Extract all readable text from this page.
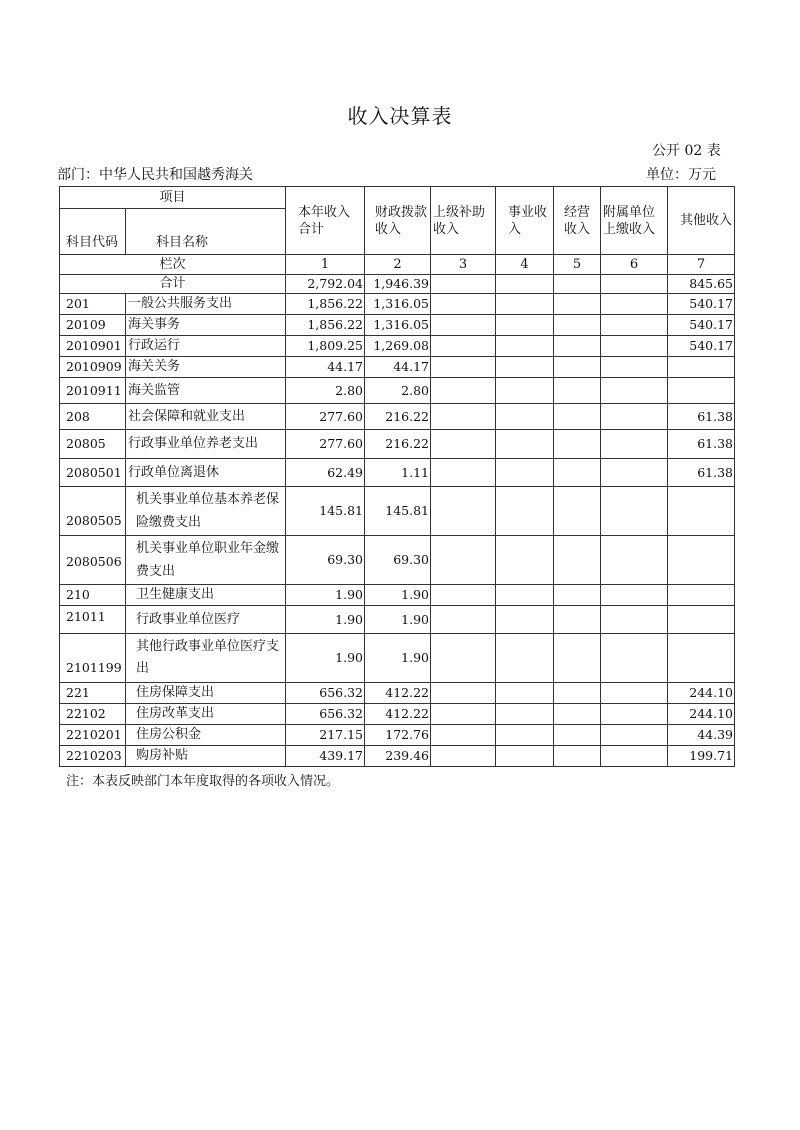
收入决算表
公开 02 表
部门：中华人民共和国越秀海关	单位：万元
项目		本年收入合计	财政拨款收入	上级补助收入	事业收入	经营收入	附属单位上缴收入	其他收入
科目代码	科目名称							
栏次		1	2	3	4	5	6	7
合计		2,792.04	1,946.39					845.65
201	一般公共服务支出	1,856.22	1,316.05					540.17
20109	海关事务	1,856.22	1,316.05					540.17
2010901	行政运行	1,809.25	1,269.08					540.17
2010909	海关关务	44.17	44.17					
2010911	海关监管	2.80	2.80					
208	社会保障和就业支出	277.60	216.22					61.38
20805	行政事业单位养老支出	277.60	216.22					61.38
2080501	行政单位离退休	62.49	1.11					61.38
2080505	机关事业单位基本养老保险缴费支出	145.81	145.81					
2080506	机关事业单位职业年金缴费支出	69.30	69.30					
210	卫生健康支出	1.90	1.90					
21011	行政事业单位医疗	1.90	1.90					
2101199	其他行政事业单位医疗支出	1.90	1.90					
221	住房保障支出	656.32	412.22					244.10
22102	住房改革支出	656.32	412.22					244.10
2210201	住房公积金	217.15	172.76					44.39
2210203	购房补贴	439.17	239.46					199.71
注：本表反映部门本年度取得的各项收入情况。
